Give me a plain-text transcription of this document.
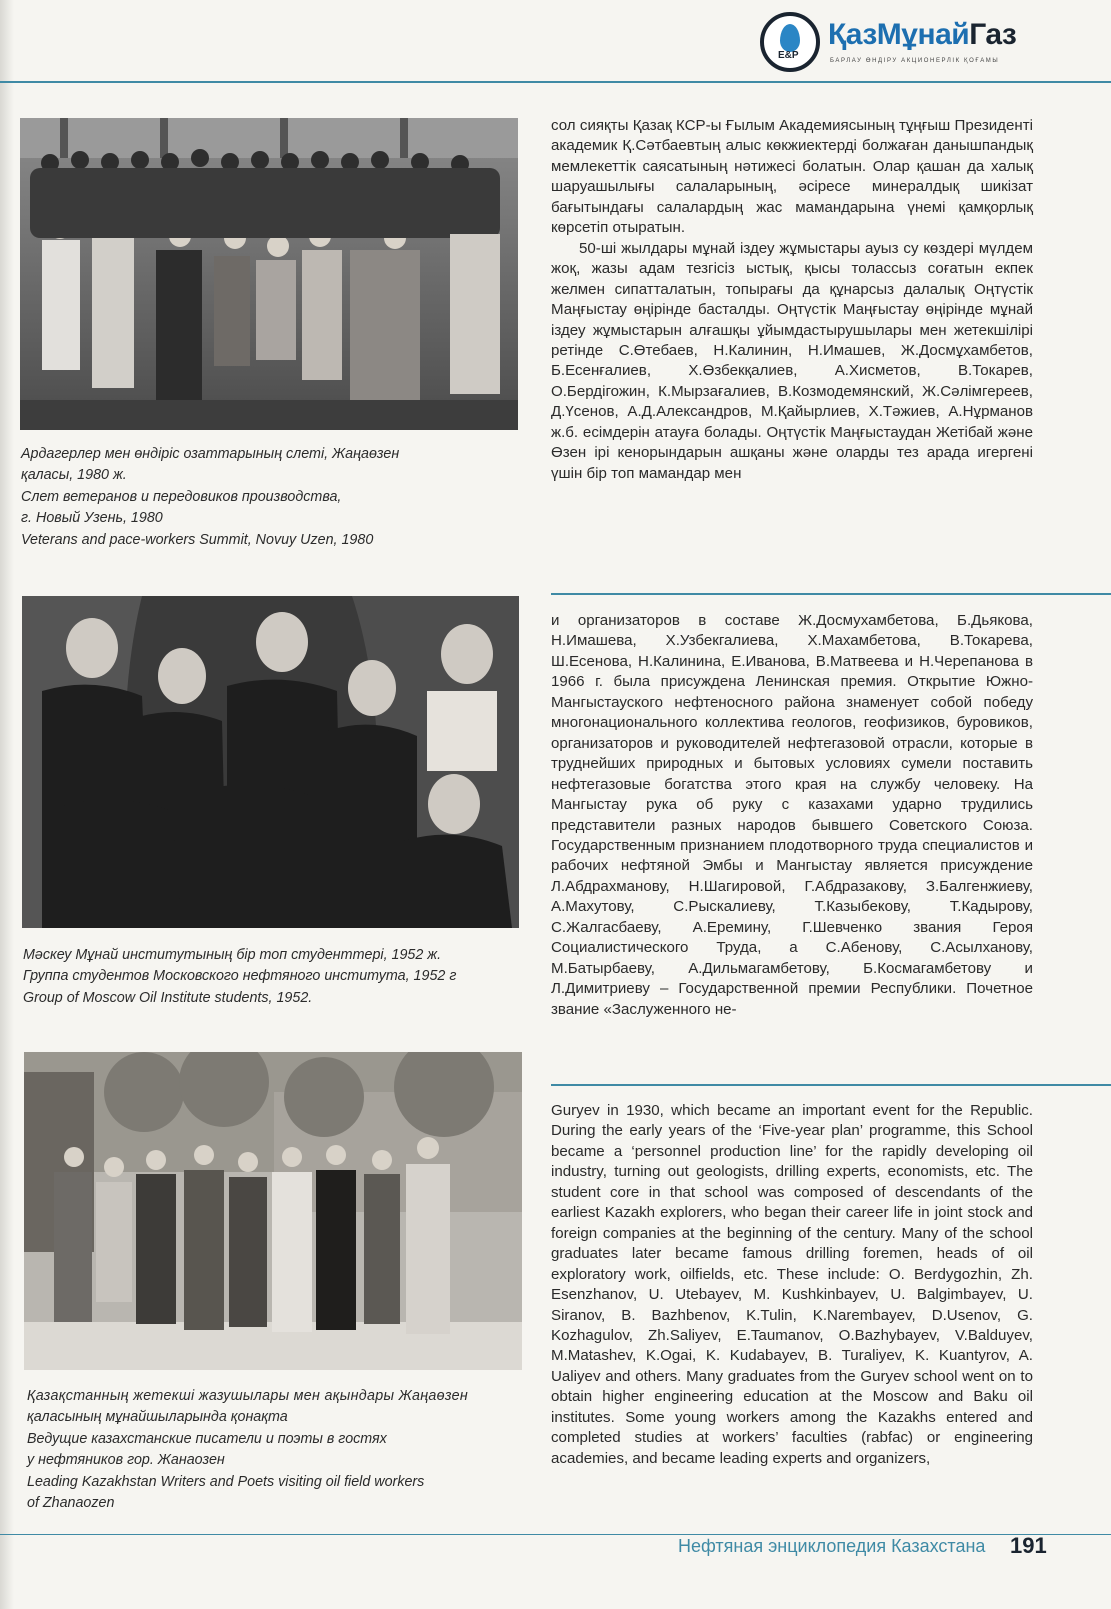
E&P
ҚазМұнайГаз
БАРЛАУ ӨНДІРУ АКЦИОНЕРЛІК ҚОҒАМЫ
Ардагерлер мен өндіріс озаттарының слеті, Жаңаөзен
қаласы, 1980 ж.
Слет ветеранов и передовиков производства,
г. Новый Узень, 1980
Veterans and pace-workers Summit, Novuy Uzen, 1980
Мәскеу Мұнай институтының бір топ студенттері, 1952 ж.
Группа студентов Московского нефтяного института, 1952 г
Group of Moscow Oil Institute students, 1952.
Қазақстанның жетекші жазушылары мен ақындары Жаңаөзен
қаласының мұнайшыларында қонақта
Ведущие казахстанские писатели и поэты в гостях
у нефтяников гор. Жанаозен
Leading Kazakhstan Writers and Poets visiting oil field workers
of Zhanaozen

сол сияқты Қазақ КСР-ы Ғылым Академиясының тұңғыш Президенті академик Қ.Сәтбаевтың алыс көкжиектерді болжаған данышпандық мемлекеттік саясатының нәтижесі болатын. Олар қашан да халық шаруашылығы салаларының, әсіресе минералдық шикізат бағытындағы салалардың жас мамандарына үнемі қамқорлық көрсетіп отыратын.

50-ші жылдары мұнай іздеу жұмыстары ауыз су көздері мүлдем жоқ, жазы адам тезгісіз ыстық, қысы толассыз соғатын екпек желмен сипатталатын, топырағы да құнарсыз далалық Оңтүстік Маңғыстау өңірінде басталды. Оңтүстік Маңғыстау өңірінде мұнай іздеу жұмыстарын алғашқы ұйымдастырушылары мен жетекшілірі ретінде С.Өтебаев, Н.Калинин, Н.Имашев, Ж.Досмұхамбетов, Б.Есенғалиев, Х.Өзбекқалиев, А.Хисметов, В.Токарев, О.Бердігожин, К.Мырзағалиев, В.Козмодемянский, Ж.Сәлімгереев, Д.Үсенов, А.Д.Александров, М.Қайырлиев, Х.Тәжиев, А.Нұрманов ж.б. есімдерін атауға болады. Оңтүстік Маңғыстаудан Жетібай және Өзен ірі кенорындарын ашқаны және оларды тез арада игергені үшін бір топ мамандар мен

и организаторов в составе Ж.Досмухамбетова, Б.Дьякова, Н.Имашева, Х.Узбекгалиева, Х.Махамбетова, В.Токарева, Ш.Есенова, Н.Калинина, Е.Иванова, В.Матвеева и Н.Черепанова в 1966 г. была присуждена Ленинская премия. Открытие Южно-Мангыстауского нефтеносного района знаменует собой победу многонационального коллектива геологов, геофизиков, буровиков, организаторов и руководителей нефтегазовой отрасли, которые в труднейших природных и бытовых условиях сумели поставить нефтегазовые богатства этого края на службу человеку. На Мангыстау рука об руку с казахами ударно трудились представители разных народов бывшего Советского Союза. Государственным признанием плодотворного труда специалистов и рабочих нефтяной Эмбы и Мангыстау является присуждение Л.Абдрахманову, Н.Шагировой, Г.Абдразакову, З.Балгенжиеву, А.Махутову, С.Рыскалиеву, Т.Казыбекову, Т.Кадырову, С.Жалгасбаеву, А.Еремину, Г.Шевченко звания Героя Социалистического Труда, а С.Абенову, С.Асылханову, М.Батырбаеву, А.Дильмагамбетову, Б.Космагамбетову и Л.Димитриеву – Государственной премии Республики. Почетное звание «Заслуженного не-

Guryev in 1930, which became an important event for the Republic. During the early years of the ‘Five-year plan’ programme, this School became a ‘personnel production line’ for the rapidly developing oil industry, turning out geologists, drilling experts, economists, etc. The student core in that school was composed of descendants of the earliest Kazakh explorers, who began their career life in joint stock and foreign companies at the beginning of the century. Many of the school graduates later became famous drilling foremen, heads of oil exploratory work, oilfields, etc. These include: O. Berdygozhin, Zh. Esenzhanov, U. Utebayev, M. Kushkinbayev, U. Balgimbayev, U. Siranov, B. Bazhbenov, K.Tulin, K.Narembayev, D.Usenov, G. Kozhagulov, Zh.Saliyev, E.Taumanov, O.Bazhybayev, V.Balduyev, M.Matashev, K.Ogai, K. Kudabayev, B. Turaliyev, K. Kuantyrov, A. Ualiyev and others. Many graduates from the Guryev school went on to obtain higher engineering education at the Moscow and Baku oil institutes. Some young workers among the Kazakhs entered and completed studies at workers’ faculties (rabfac) or engineering academies, and became leading experts and organizers,

Нефтяная энциклопедия Казахстана 191
